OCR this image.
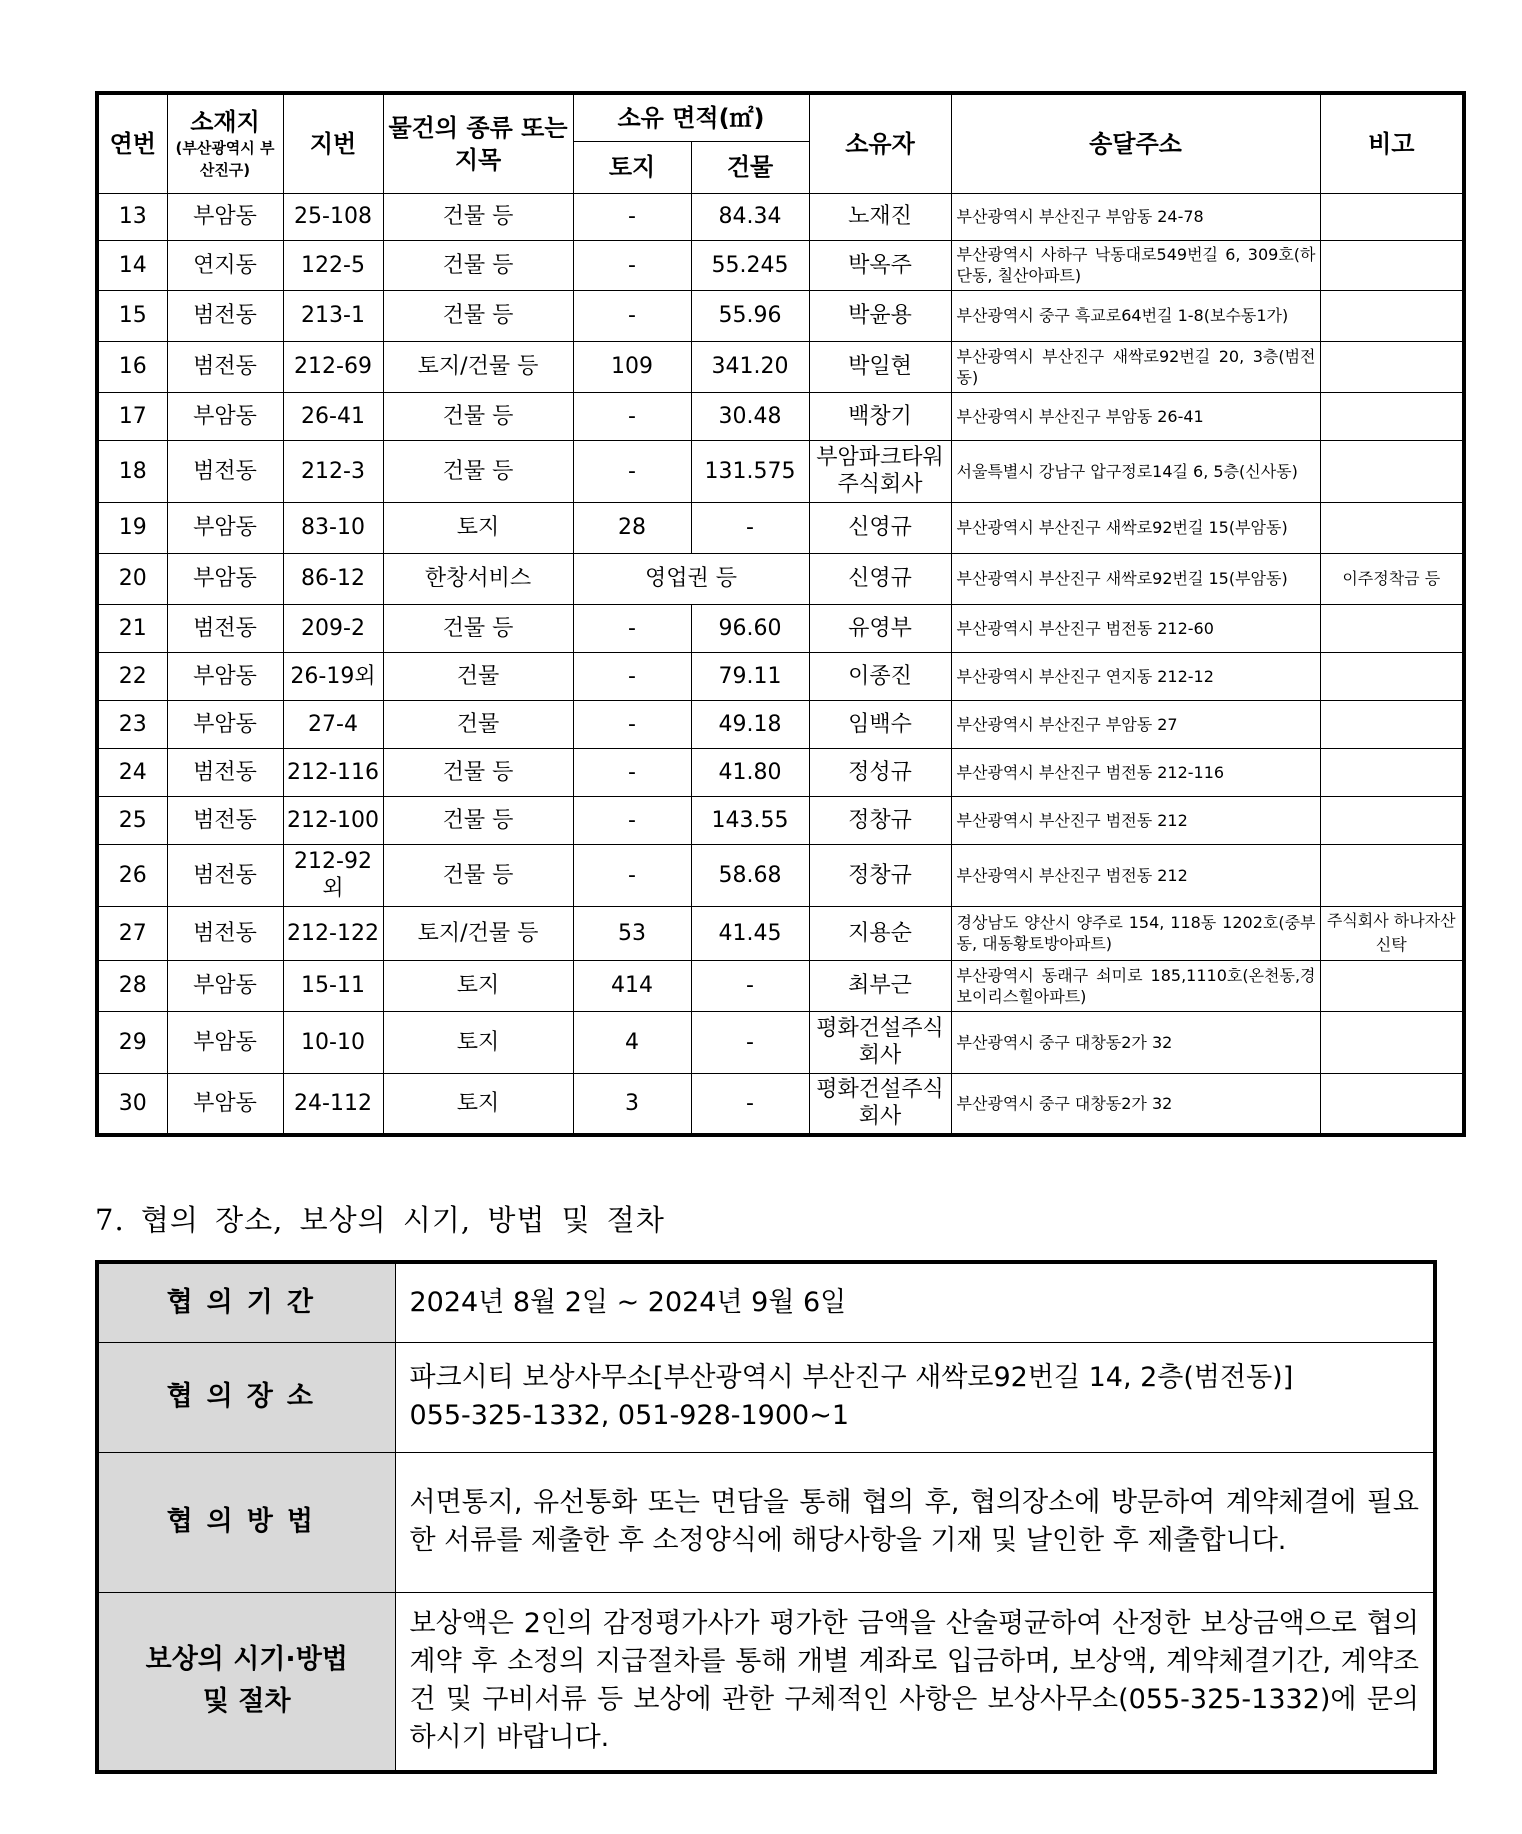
연번	소재지
(부산광역시 부산진구)	지번	물건의 종류 또는 지목	소유 면적(㎡)		소유자	송달주소	비고
				토지	건물			
13	부암동	25-108	건물 등	-	84.34	노재진	부산광역시 부산진구 부암동 24-78	
14	연지동	122-5	건물 등	-	55.245	박옥주	부산광역시 사하구 낙동대로549번길 6, 309호(하단동, 칠산아파트)	
15	범전동	213-1	건물 등	-	55.96	박윤용	부산광역시 중구 흑교로64번길 1-8(보수동1가)	
16	범전동	212-69	토지/건물 등	109	341.20	박일현	부산광역시 부산진구 새싹로92번길 20, 3층(범전동)	
17	부암동	26-41	건물 등	-	30.48	백창기	부산광역시 부산진구 부암동 26-41	
18	범전동	212-3	건물 등	-	131.575	부암파크타워주식회사	서울특별시 강남구 압구정로14길 6, 5층(신사동)	
19	부암동	83-10	토지	28	-	신영규	부산광역시 부산진구 새싹로92번길 15(부암동)	
20	부암동	86-12	한창서비스	영업권 등		신영규	부산광역시 부산진구 새싹로92번길 15(부암동)	이주정착금 등
21	범전동	209-2	건물 등	-	96.60	유영부	부산광역시 부산진구 범전동 212-60	
22	부암동	26-19외	건물	-	79.11	이종진	부산광역시 부산진구 연지동 212-12	
23	부암동	27-4	건물	-	49.18	임백수	부산광역시 부산진구 부암동 27	
24	범전동	212-116	건물 등	-	41.80	정성규	부산광역시 부산진구 범전동 212-116	
25	범전동	212-100	건물 등	-	143.55	정창규	부산광역시 부산진구 범전동 212	
26	범전동	212-92외	건물 등	-	58.68	정창규	부산광역시 부산진구 범전동 212	
27	범전동	212-122	토지/건물 등	53	41.45	지용순	경상남도 양산시 양주로 154, 118동 1202호(중부동, 대동황토방아파트)	주식회사 하나자산신탁
28	부암동	15-11	토지	414	-	최부근	부산광역시 동래구 쇠미로 185,1110호(온천동,경보이리스힐아파트)	
29	부암동	10-10	토지	4	-	평화건설주식회사	부산광역시 중구 대창동2가 32	
30	부암동	24-112	토지	3	-	평화건설주식회사	부산광역시 중구 대창동2가 32	
7. 협의 장소, 보상의 시기, 방법 및 절차
협의기간	2024년 8월 2일 ~ 2024년 9월 6일
협의장소	파크시티 보상사무소[부산광역시 부산진구 새싹로92번길 14, 2층(범전동)]
055-325-1332, 051-928-1900~1
협의방법	서면통지, 유선통화 또는 면담을 통해 협의 후, 협의장소에 방문하여 계약체결에 필요한 서류를 제출한 후 소정양식에 해당사항을 기재 및 날인한 후 제출합니다.
보상의 시기·방법
및 절차	보상액은 2인의 감정평가사가 평가한 금액을 산술평균하여 산정한 보상금액으로 협의계약 후 소정의 지급절차를 통해 개별 계좌로 입금하며, 보상액, 계약체결기간, 계약조건 및 구비서류 등 보상에 관한 구체적인 사항은 보상사무소(055-325-1332)에 문의하시기 바랍니다.
